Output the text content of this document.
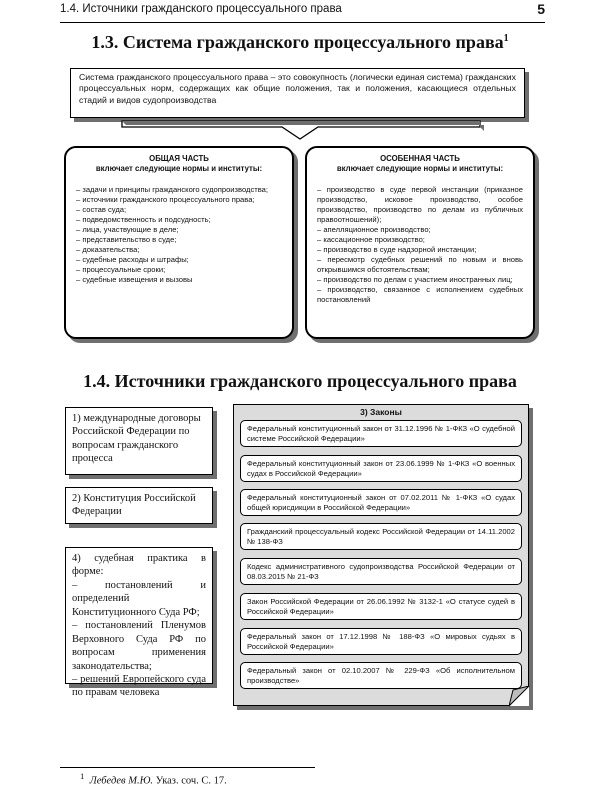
1.4. Источники гражданского процессуального права	5
1.3. Система гражданского процессуального права$^1$
Система гражданского процессуального права – это совокупность (логически единая система) гражданских процессуальных норм, содержащих как общие положения, так и положения, касающиеся отдельных стадий и видов судопроизводства
ОБЩАЯ ЧАСТЬ
включает следующие нормы и институты:
– задачи и принципы гражданского судопроизводства;
– источники гражданского процессуального права;
– состав суда;
– подведомственность и подсудность;
– лица, участвующие в деле;
– представительство в суде;
– доказательства;
– судебные расходы и штрафы;
– процессуальные сроки;
– судебные извещения и вызовы
ОСОБЕННАЯ ЧАСТЬ
включает следующие нормы и институты:
– производство в суде первой инстанции (приказное производство, исковое производство, особое производство, производство по делам из публичных правоотношений);
– апелляционное производство;
– кассационное производство;
– производство в суде надзорной инстанции;
– пересмотр судебных решений по новым и вновь открывшимся обстоятельствам;
– производство по делам с участием иностранных лиц;
– производство, связанное с исполнением судебных постановлений
1.4. Источники гражданского процессуального права
1) международные договоры Российской Федерации по вопросам гражданского процесса
2) Конституция Российской Федерации
4) судебная практика в форме:
– постановлений и определений Конституционного Суда РФ;
– постановлений Пленумов Верховного Суда РФ по вопросам применения законодательства;
– решений Европейского суда по правам человека
3) Законы
Федеральный конституционный закон от 31.12.1996 № 1-ФКЗ «О судебной системе Российской Федерации»
Федеральный конституционный закон от 23.06.1999 № 1-ФКЗ «О военных судах в Российской Федерации»
Федеральный конституционный закон от 07.02.2011 № 1-ФКЗ «О судах общей юрисдикции в Российской Федерации»
Гражданский процессуальный кодекс Российской Федерации от 14.11.2002 № 138-ФЗ
Кодекс административного судопроизводства Российской Федерации от 08.03.2015 № 21-ФЗ
Закон Российской Федерации от 26.06.1992 № 3132-1 «О статусе судей в Российской Федерации»
Федеральный закон от 17.12.1998 № 188-ФЗ «О мировых судьях в Российской Федерации»
Федеральный закон от 02.10.2007 № 229-ФЗ «Об исполнительном производстве»
$^1$ Лебедев М.Ю. Указ. соч. С. 17.
